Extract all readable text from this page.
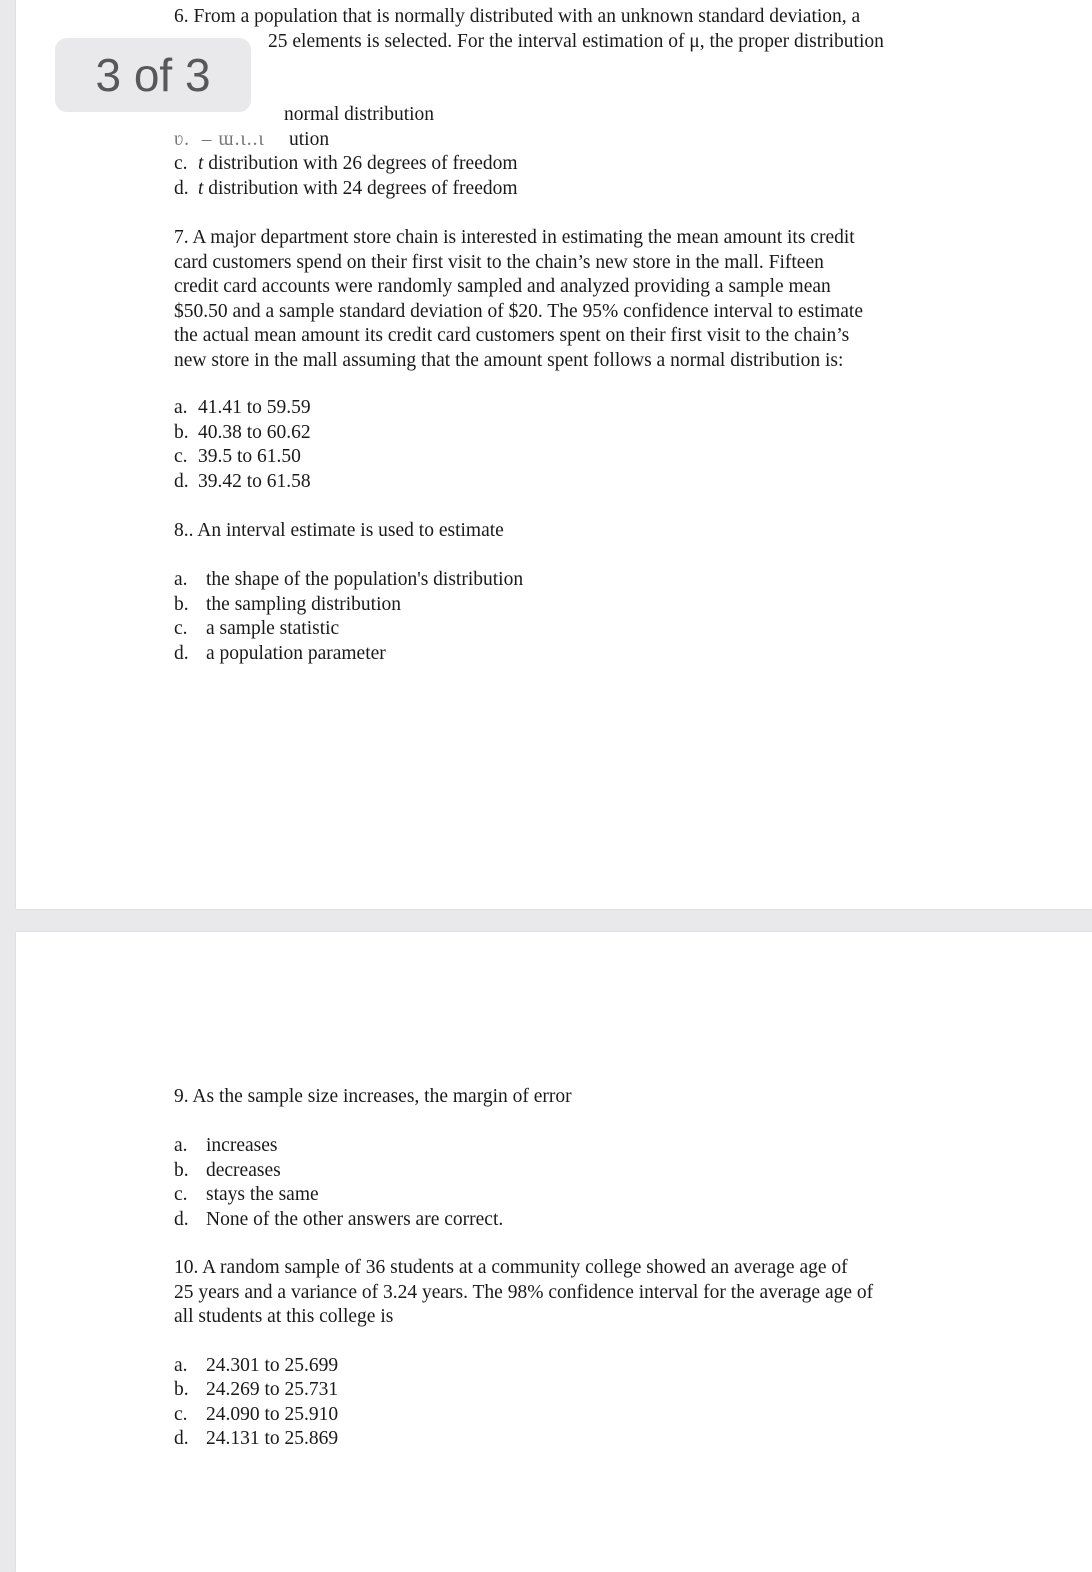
6. From a population that is normally distributed with an unknown standard deviation, a

25 elements is selected. For the interval estimation of μ, the proper distribution

normal distribution

ʋ.  – ɯ.ɩ..ɩ ution

c. t distribution with 26 degrees of freedom

d. t distribution with 24 degrees of freedom

7. A major department store chain is interested in estimating the mean amount its credit

card customers spend on their first visit to the chain’s new store in the mall. Fifteen

credit card accounts were randomly sampled and analyzed providing a sample mean

$50.50 and a sample standard deviation of $20. The 95% confidence interval to estimate

the actual mean amount its credit card customers spent on their first visit to the chain’s

new store in the mall assuming that the amount spent follows a normal distribution is:

a. 41.41 to 59.59

b. 40.38 to 60.62

c. 39.5 to 61.50

d. 39.42 to 61.58

8.. An interval estimate is used to estimate

a. the shape of the population's distribution

b. the sampling distribution

c. a sample statistic

d. a population parameter

9. As the sample size increases, the margin of error

a. increases

b. decreases

c. stays the same

d. None of the other answers are correct.

10. A random sample of 36 students at a community college showed an average age of

25 years and a variance of 3.24 years. The 98% confidence interval for the average age of

all students at this college is

a. 24.301 to 25.699

b. 24.269 to 25.731

c. 24.090 to 25.910

d. 24.131 to 25.869

3 of 3
